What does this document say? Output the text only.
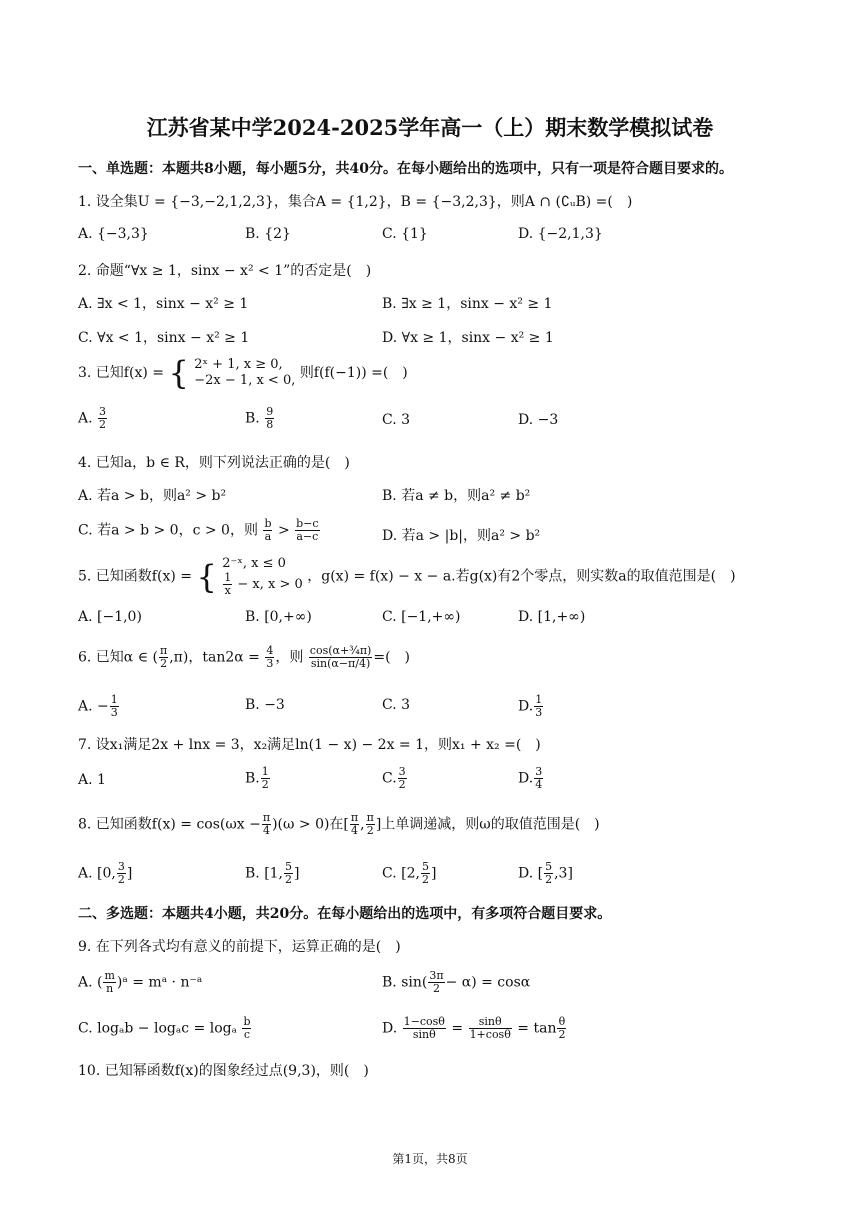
江苏省某中学2024-2025学年高一（上）期末数学模拟试卷
一、单选题：本题共8小题，每小题5分，共40分。在每小题给出的选项中，只有一项是符合题目要求的。
1. 设全集U = {−3,−2,1,2,3}，集合A = {1,2}，B = {−3,2,3}，则A ∩ (∁ᵤB) =(　)
A. {−3,3}	B. {2}	C. {1}	D. {−2,1,3}
2. 命题“∀x ≥ 1，sinx − x² < 1”的否定是(　)
A. ∃x < 1，sinx − x² ≥ 1	B. ∃x ≥ 1，sinx − x² ≥ 1
C. ∀x < 1，sinx − x² ≥ 1	D. ∀x ≥ 1，sinx − x² ≥ 1
3. 已知f(x) = { 2ˣ + 1, x ≥ 0,
−2x − 1, x < 0, 则f(f(−1)) =(　)
A. $\frac{3}{2}$	B. $\frac{9}{8}$	C. 3	D. −3
4. 已知a，b ∈ R，则下列说法正确的是(　)
A. 若a > b，则a² > b²	B. 若a ≠ b，则a² ≠ b²
C. 若a > b > 0，c > 0，则 $\frac{b}{a} > \frac{b-c}{a-c}$	D. 若a > |b|，则a² > b²
5. 已知函数f(x) = { 2⁻ˣ, x ≤ 0
$\frac{1}{x} - x$, x > 0 ，g(x) = f(x) − x − a.若g(x)有2个零点，则实数a的取值范围是(　)
A. [−1,0)	B. [0,+∞)	C. [−1,+∞)	D. [1,+∞)
6. 已知α ∈ ( $\frac{\pi}{2} ,\pi$)，$\tan 2\alpha = \frac{4}{3}$ ，则 $\frac{\text{cos(α+¾π)}}{\sin(\alpha-\pi/4)}$ =(　)
A. − $\frac{1}{3}$	B. −3	C. 3	D. $\frac{1}{3}$
7. 设x₁满足2x + lnx = 3，x₂满足ln(1 − x) − 2x = 1，则x₁ + x₂ =(　)
A. 1	B. $\frac{1}{2}$	C. $\frac{3}{2}$	D. $\frac{3}{4}$
8. 已知函数$f(x) = \cos(\omega x - \frac{\pi}{4} )(\omega > 0)$在[ $\frac{\pi}{4}$ , $\frac{\pi}{2}$ ]上单调递减，则ω的取值范围是(　)
A. [0, $\frac{3}{2}$ ]	B. [1, $\frac{5}{2}$ ]	C. [2, $\frac{5}{2}$ ]	D. [ $\frac{5}{2} ,3$]
二、多选题：本题共4小题，共20分。在每小题给出的选项中，有多项符合题目要求。
9. 在下列各式均有意义的前提下，运算正确的是(　)
A. ( $\frac{m}{n}$ )ᵃ = mᵃ · n⁻ᵃ	B. $\sin( \frac{3\pi}{2} - \alpha) = \cos\alpha$
C. logₐb − logₐc = logₐ $\frac{b}{c}$	D. $\frac{1-\cos\theta}{\sin\theta} = \frac{\sin\theta}{1+\cos\theta} = \tan \frac{\theta}{2}$
10. 已知幂函数f(x)的图象经过点(9,3)，则(　)
第1页，共8页
